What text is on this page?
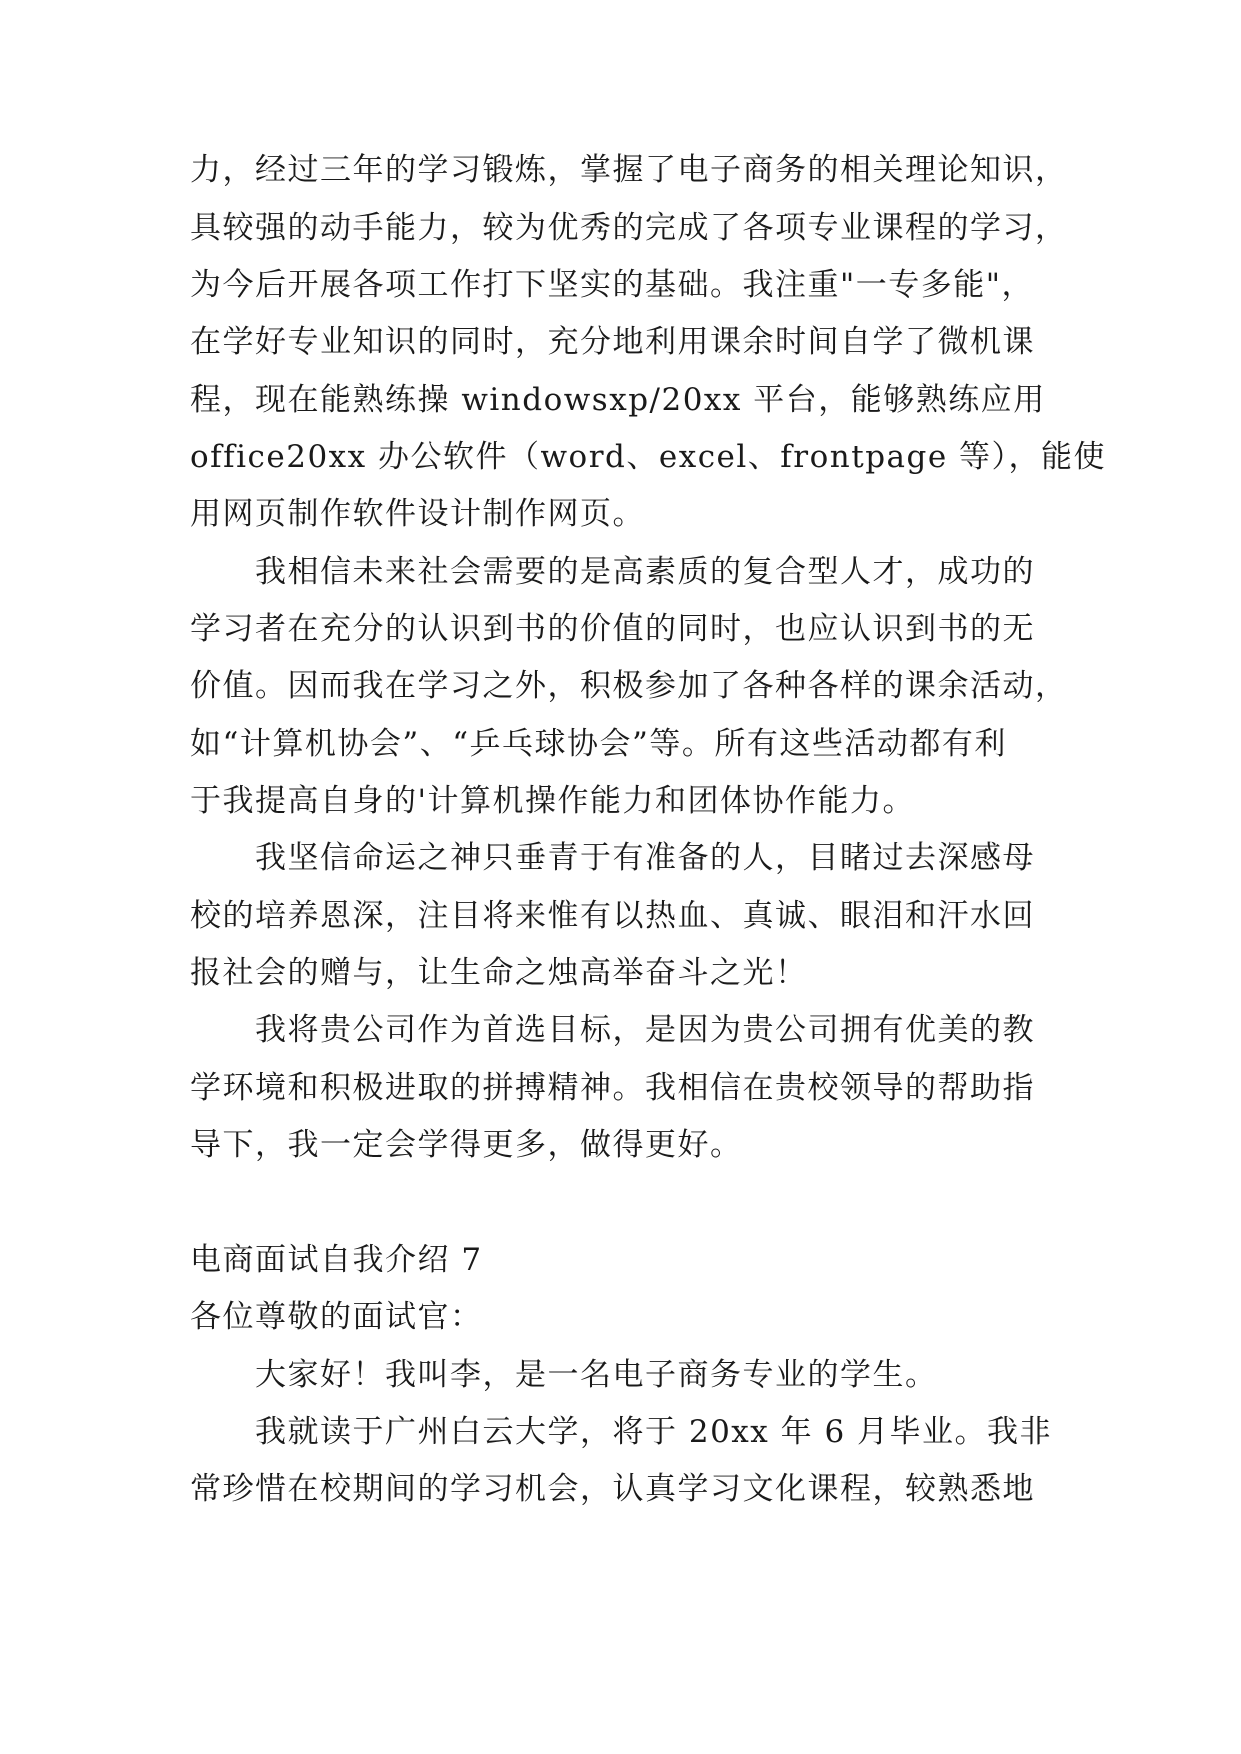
力，经过三年的学习锻炼，掌握了电子商务的相关理论知识，
具较强的动手能力，较为优秀的完成了各项专业课程的学习，
为今后开展各项工作打下坚实的基础。我注重"一专多能"，
在学好专业知识的同时，充分地利用课余时间自学了微机课
程，现在能熟练操 windowsxp/20xx 平台，能够熟练应用
office20xx 办公软件（word、excel、frontpage 等），能使
用网页制作软件设计制作网页。
我相信未来社会需要的是高素质的复合型人才，成功的
学习者在充分的认识到书的价值的同时，也应认识到书的无
价值。因而我在学习之外，积极参加了各种各样的课余活动，
如“计算机协会”、“乒乓球协会”等。所有这些活动都有利
于我提高自身的'计算机操作能力和团体协作能力。
我坚信命运之神只垂青于有准备的人，目睹过去深感母
校的培养恩深，注目将来惟有以热血、真诚、眼泪和汗水回
报社会的赠与，让生命之烛高举奋斗之光！
我将贵公司作为首选目标，是因为贵公司拥有优美的教
学环境和积极进取的拼搏精神。我相信在贵校领导的帮助指
导下，我一定会学得更多，做得更好。
电商面试自我介绍 7
各位尊敬的面试官：
大家好！我叫李，是一名电子商务专业的学生。
我就读于广州白云大学，将于 20xx 年 6 月毕业。我非
常珍惜在校期间的学习机会，认真学习文化课程，较熟悉地
